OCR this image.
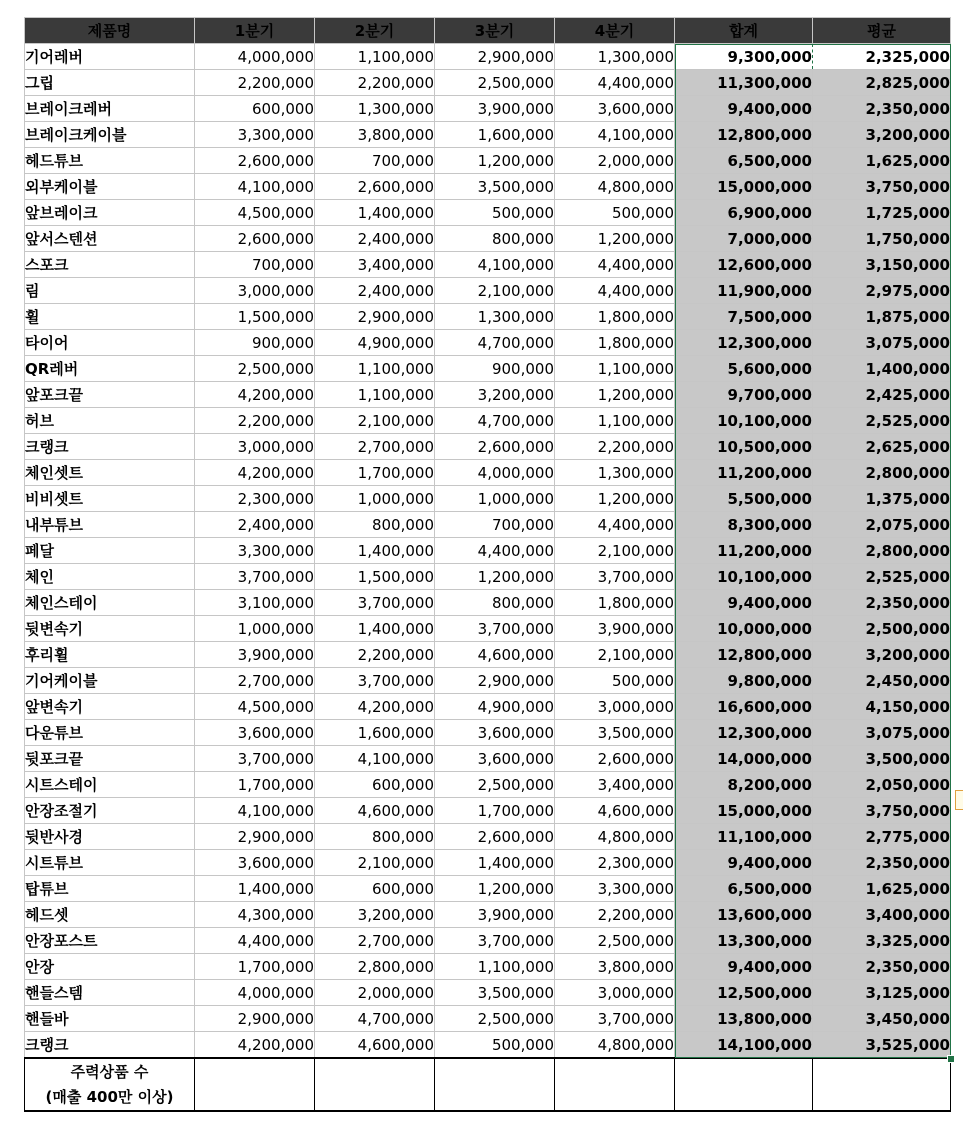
제품명	1분기	2분기	3분기	4분기	합계	평균
기어레버	4,000,000	1,100,000	2,900,000	1,300,000	9,300,000	2,325,000
그립	2,200,000	2,200,000	2,500,000	4,400,000	11,300,000	2,825,000
브레이크레버	600,000	1,300,000	3,900,000	3,600,000	9,400,000	2,350,000
브레이크케이블	3,300,000	3,800,000	1,600,000	4,100,000	12,800,000	3,200,000
헤드튜브	2,600,000	700,000	1,200,000	2,000,000	6,500,000	1,625,000
외부케이블	4,100,000	2,600,000	3,500,000	4,800,000	15,000,000	3,750,000
앞브레이크	4,500,000	1,400,000	500,000	500,000	6,900,000	1,725,000
앞서스텐션	2,600,000	2,400,000	800,000	1,200,000	7,000,000	1,750,000
스포크	700,000	3,400,000	4,100,000	4,400,000	12,600,000	3,150,000
림	3,000,000	2,400,000	2,100,000	4,400,000	11,900,000	2,975,000
휠	1,500,000	2,900,000	1,300,000	1,800,000	7,500,000	1,875,000
타이어	900,000	4,900,000	4,700,000	1,800,000	12,300,000	3,075,000
QR레버	2,500,000	1,100,000	900,000	1,100,000	5,600,000	1,400,000
앞포크끝	4,200,000	1,100,000	3,200,000	1,200,000	9,700,000	2,425,000
허브	2,200,000	2,100,000	4,700,000	1,100,000	10,100,000	2,525,000
크랭크	3,000,000	2,700,000	2,600,000	2,200,000	10,500,000	2,625,000
체인셋트	4,200,000	1,700,000	4,000,000	1,300,000	11,200,000	2,800,000
비비셋트	2,300,000	1,000,000	1,000,000	1,200,000	5,500,000	1,375,000
내부튜브	2,400,000	800,000	700,000	4,400,000	8,300,000	2,075,000
페달	3,300,000	1,400,000	4,400,000	2,100,000	11,200,000	2,800,000
체인	3,700,000	1,500,000	1,200,000	3,700,000	10,100,000	2,525,000
체인스테이	3,100,000	3,700,000	800,000	1,800,000	9,400,000	2,350,000
뒷변속기	1,000,000	1,400,000	3,700,000	3,900,000	10,000,000	2,500,000
후리휠	3,900,000	2,200,000	4,600,000	2,100,000	12,800,000	3,200,000
기어케이블	2,700,000	3,700,000	2,900,000	500,000	9,800,000	2,450,000
앞변속기	4,500,000	4,200,000	4,900,000	3,000,000	16,600,000	4,150,000
다운튜브	3,600,000	1,600,000	3,600,000	3,500,000	12,300,000	3,075,000
뒷포크끝	3,700,000	4,100,000	3,600,000	2,600,000	14,000,000	3,500,000
시트스테이	1,700,000	600,000	2,500,000	3,400,000	8,200,000	2,050,000
안장조절기	4,100,000	4,600,000	1,700,000	4,600,000	15,000,000	3,750,000
뒷반사경	2,900,000	800,000	2,600,000	4,800,000	11,100,000	2,775,000
시트튜브	3,600,000	2,100,000	1,400,000	2,300,000	9,400,000	2,350,000
탑튜브	1,400,000	600,000	1,200,000	3,300,000	6,500,000	1,625,000
헤드셋	4,300,000	3,200,000	3,900,000	2,200,000	13,600,000	3,400,000
안장포스트	4,400,000	2,700,000	3,700,000	2,500,000	13,300,000	3,325,000
안장	1,700,000	2,800,000	1,100,000	3,800,000	9,400,000	2,350,000
핸들스템	4,000,000	2,000,000	3,500,000	3,000,000	12,500,000	3,125,000
핸들바	2,900,000	4,700,000	2,500,000	3,700,000	13,800,000	3,450,000
크랭크	4,200,000	4,600,000	500,000	4,800,000	14,100,000	3,525,000
주력상품 수
(매출 400만 이상)						
